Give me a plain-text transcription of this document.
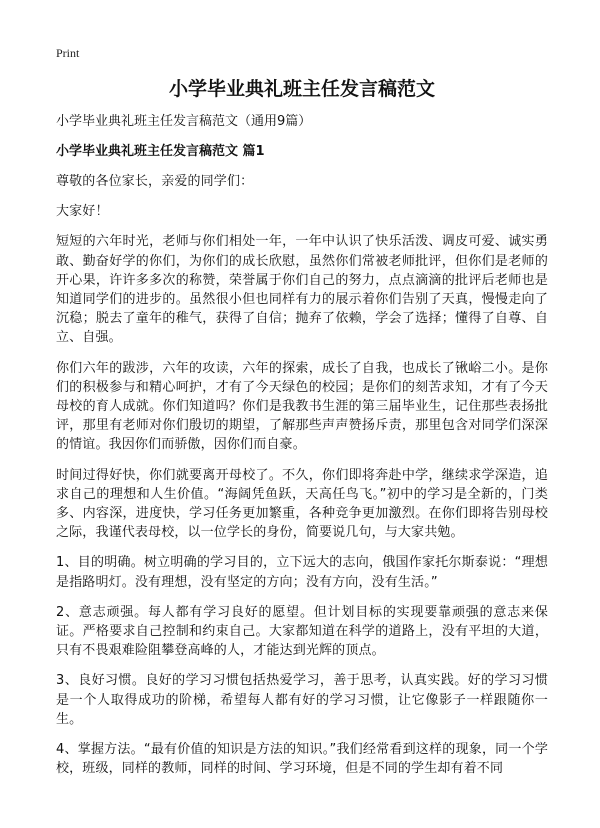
Print
小学毕业典礼班主任发言稿范文

小学毕业典礼班主任发言稿范文（通用9篇）

小学毕业典礼班主任发言稿范文 篇1

尊敬的各位家长，亲爱的同学们：

大家好！

短短的六年时光，老师与你们相处一年，一年中认识了快乐活泼、调皮可爱、诚实勇敢、勤奋好学的你们，为你们的成长欣慰，虽然你们常被老师批评，但你们是老师的开心果，许许多多次的称赞，荣誉属于你们自己的努力，点点滴滴的批评后老师也是知道同学们的进步的。虽然很小但也同样有力的展示着你们告别了天真，慢慢走向了沉稳；脱去了童年的稚气，获得了自信；抛弃了依赖，学会了选择；懂得了自尊、自立、自强。

你们六年的跋涉，六年的攻读，六年的探索，成长了自我，也成长了锹峪二小。是你们的积极参与和精心呵护，才有了今天绿色的校园；是你们的刻苦求知，才有了今天母校的育人成就。你们知道吗？你们是我教书生涯的第三届毕业生，记住那些表扬批评，那里有老师对你们殷切的期望，了解那些声声赞扬斥责，那里包含对同学们深深的情谊。我因你们而骄傲，因你们而自豪。

时间过得好快，你们就要离开母校了。不久，你们即将奔赴中学，继续求学深造，追求自己的理想和人生价值。“海阔凭鱼跃，天高任鸟飞。”初中的学习是全新的，门类多、内容深，进度快，学习任务更加繁重，各种竞争更加激烈。在你们即将告别母校之际，我谨代表母校，以一位学长的身份，简要说几句，与大家共勉。

1、目的明确。树立明确的学习目的，立下远大的志向，俄国作家托尔斯泰说：“理想是指路明灯。没有理想，没有坚定的方向；没有方向，没有生活。”

2、意志顽强。每人都有学习良好的愿望。但计划目标的实现要靠顽强的意志来保证。严格要求自己控制和约束自己。大家都知道在科学的道路上，没有平坦的大道，只有不畏艰难险阻攀登高峰的人，才能达到光辉的顶点。

3、良好习惯。良好的学习习惯包括热爱学习，善于思考，认真实践。好的学习习惯是一个人取得成功的阶梯，希望每人都有好的学习习惯，让它像影子一样跟随你一生。

4、掌握方法。“最有价值的知识是方法的知识。”我们经常看到这样的现象，同一个学校，班级，同样的教师，同样的时间、学习环境，但是不同的学生却有着不同
